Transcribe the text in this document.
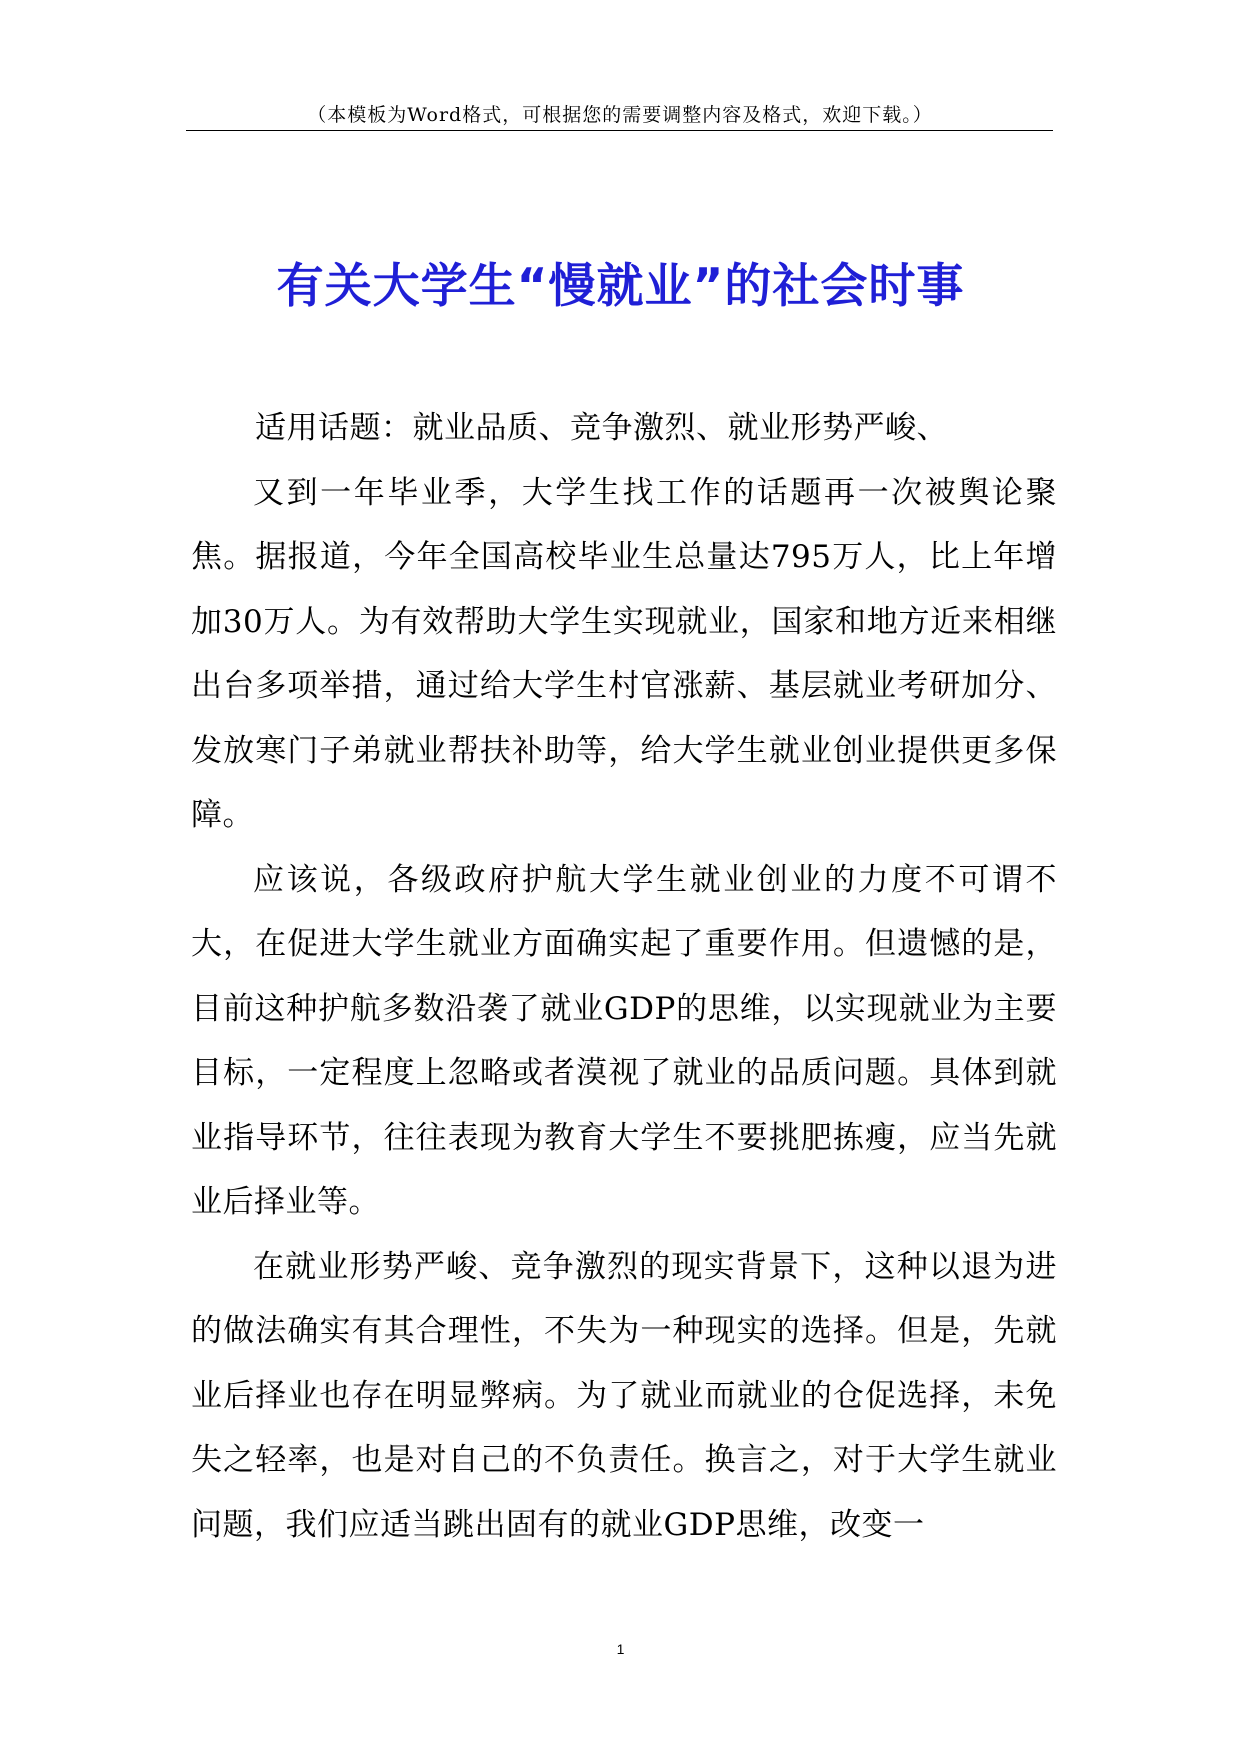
（本模板为Word格式，可根据您的需要调整内容及格式，欢迎下载。）
有关大学生“慢就业”的社会时事

适用话题：就业品质、竞争激烈、就业形势严峻、

又到一年毕业季，大学生找工作的话题再一次被舆论聚焦。据报道，今年全国高校毕业生总量达795万人，比上年增加30万人。为有效帮助大学生实现就业，国家和地方近来相继出台多项举措，通过给大学生村官涨薪、基层就业考研加分、发放寒门子弟就业帮扶补助等，给大学生就业创业提供更多保障。

应该说，各级政府护航大学生就业创业的力度不可谓不大，在促进大学生就业方面确实起了重要作用。但遗憾的是，目前这种护航多数沿袭了就业GDP的思维，以实现就业为主要目标，一定程度上忽略或者漠视了就业的品质问题。具体到就业指导环节，往往表现为教育大学生不要挑肥拣瘦，应当先就业后择业等。

在就业形势严峻、竞争激烈的现实背景下，这种以退为进的做法确实有其合理性，不失为一种现实的选择。但是，先就业后择业也存在明显弊病。为了就业而就业的仓促选择，未免失之轻率，也是对自己的不负责任。换言之，对于大学生就业问题，我们应适当跳出固有的就业GDP思维，改变一

1
